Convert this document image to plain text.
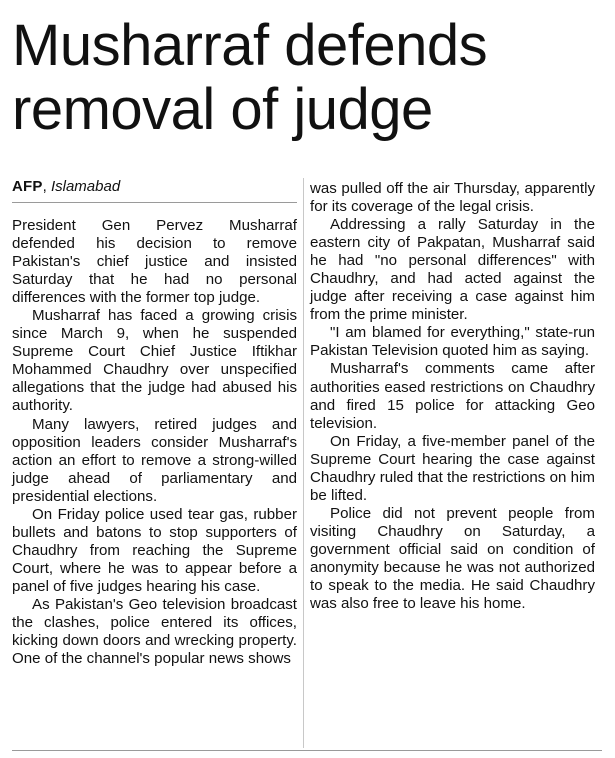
Musharraf defends
removal of judge
AFP, Islamabad

President Gen Pervez Musharraf defended his decision to remove Pakistan's chief justice and insisted Saturday that he had no personal differences with the former top judge.

Musharraf has faced a growing crisis since March 9, when he suspended Supreme Court Chief Justice Iftikhar Mohammed Chaudhry over unspecified allegations that the judge had abused his authority.

Many lawyers, retired judges and opposition leaders consider Musharraf's action an effort to remove a strong-willed judge ahead of parliamentary and presidential elections.

On Friday police used tear gas, rubber bullets and batons to stop supporters of Chaudhry from reaching the Supreme Court, where he was to appear before a panel of five judges hearing his case.

As Pakistan's Geo television broadcast the clashes, police entered its offices, kicking down doors and wrecking property. One of the channel's popular news shows

was pulled off the air Thursday, apparently for its coverage of the legal crisis.

Addressing a rally Saturday in the eastern city of Pakpatan, Musharraf said he had "no personal differences" with Chaudhry, and had acted against the judge after receiving a case against him from the prime minister.

"I am blamed for everything," state-run Pakistan Television quoted him as saying.

Musharraf's comments came after authorities eased restrictions on Chaudhry and fired 15 police for attacking Geo television.

On Friday, a five-member panel of the Supreme Court hearing the case against Chaudhry ruled that the restrictions on him be lifted.

Police did not prevent people from visiting Chaudhry on Saturday, a government official said on condition of anonymity because he was not authorized to speak to the media. He said Chaudhry was also free to leave his home.
